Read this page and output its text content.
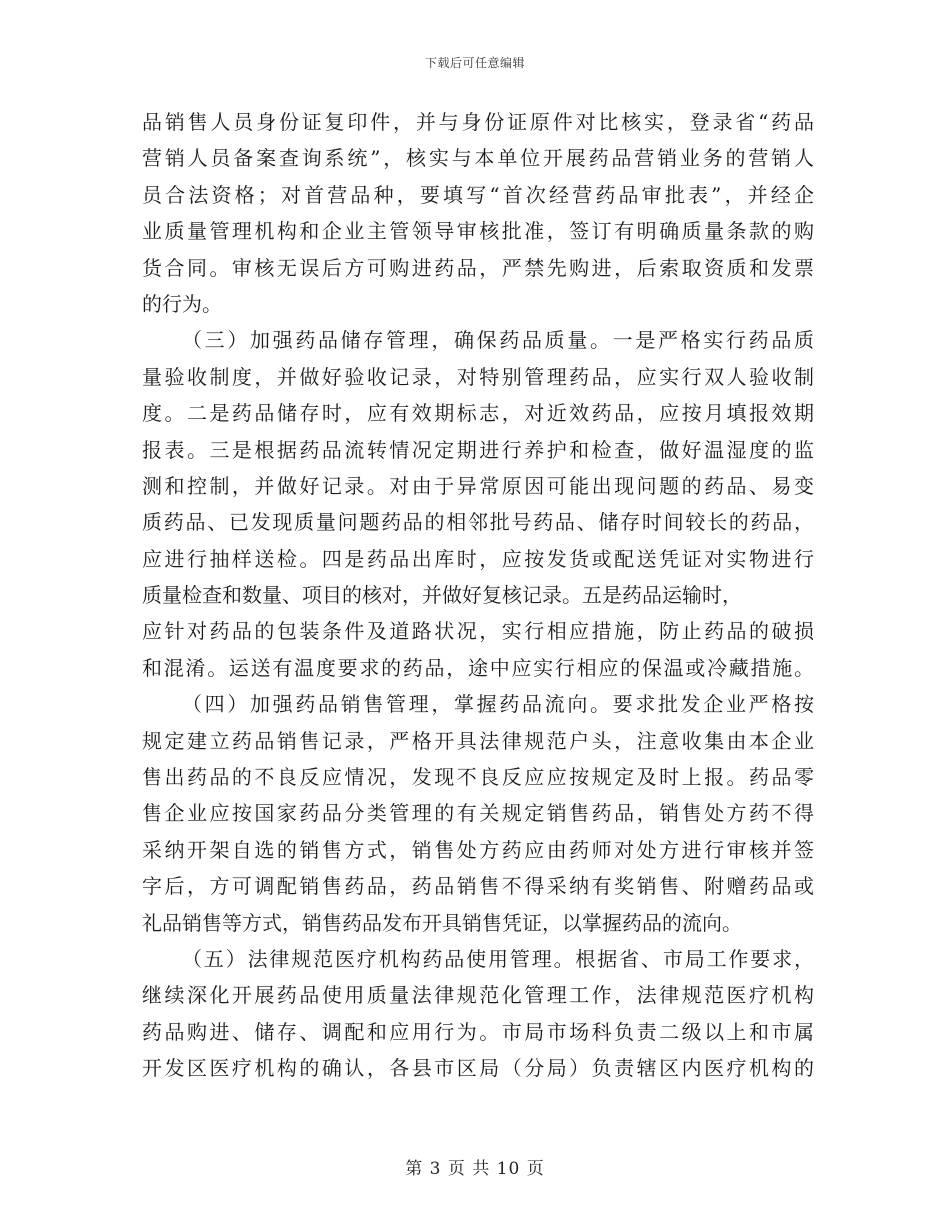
下载后可任意编辑
品销售人员身份证复印件，并与身份证原件对比核实，登录省“药品
营销人员备案查询系统”，核实与本单位开展药品营销业务的营销人
员合法资格；对首营品种，要填写“首次经营药品审批表”，并经企
业质量管理机构和企业主管领导审核批准，签订有明确质量条款的购
货合同。审核无误后方可购进药品，严禁先购进，后索取资质和发票
的行为。
（三）加强药品储存管理，确保药品质量。一是严格实行药品质
量验收制度，并做好验收记录，对特别管理药品，应实行双人验收制
度。二是药品储存时，应有效期标志，对近效药品，应按月填报效期
报表。三是根据药品流转情况定期进行养护和检查，做好温湿度的监
测和控制，并做好记录。对由于异常原因可能出现问题的药品、易变
质药品、已发现质量问题药品的相邻批号药品、储存时间较长的药品，
应进行抽样送检。四是药品出库时，应按发货或配送凭证对实物进行
质量检查和数量、项目的核对，并做好复核记录。五是药品运输时，
应针对药品的包装条件及道路状况，实行相应措施，防止药品的破损
和混淆。运送有温度要求的药品，途中应实行相应的保温或冷藏措施。
（四）加强药品销售管理，掌握药品流向。要求批发企业严格按
规定建立药品销售记录，严格开具法律规范户头，注意收集由本企业
售出药品的不良反应情况，发现不良反应应按规定及时上报。药品零
售企业应按国家药品分类管理的有关规定销售药品，销售处方药不得
采纳开架自选的销售方式，销售处方药应由药师对处方进行审核并签
字后，方可调配销售药品，药品销售不得采纳有奖销售、附赠药品或
礼品销售等方式，销售药品发布开具销售凭证，以掌握药品的流向。
（五）法律规范医疗机构药品使用管理。根据省、市局工作要求，
继续深化开展药品使用质量法律规范化管理工作，法律规范医疗机构
药品购进、储存、调配和应用行为。市局市场科负责二级以上和市属
开发区医疗机构的确认，各县市区局（分局）负责辖区内医疗机构的
第 3 页 共 10 页
